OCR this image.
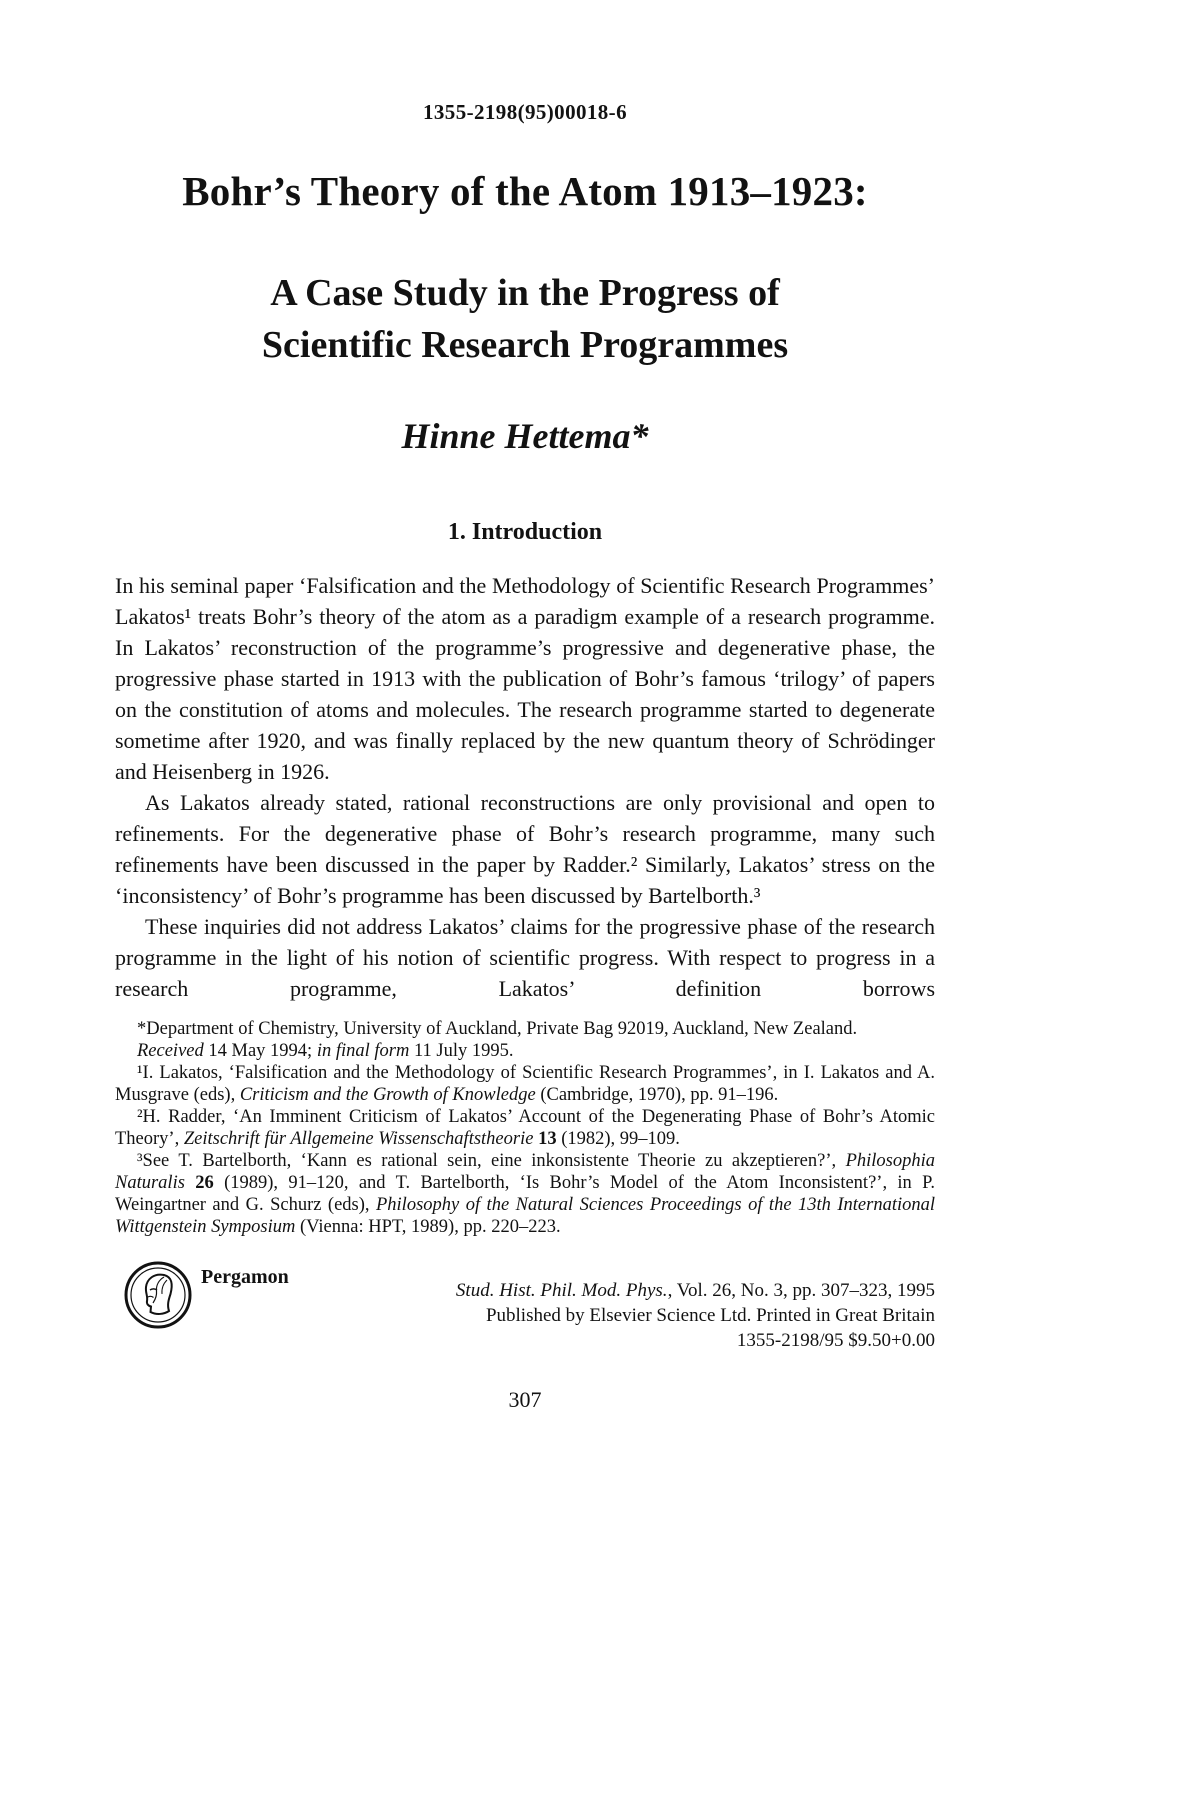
1355-2198(95)00018-6
Bohr’s Theory of the Atom 1913–1923:
A Case Study in the Progress of
Scientific Research Programmes
Hinne Hettema*
1. Introduction

In his seminal paper ‘Falsification and the Methodology of Scientific Research Programmes’ Lakatos¹ treats Bohr’s theory of the atom as a paradigm example of a research programme. In Lakatos’ reconstruction of the programme’s progressive and degenerative phase, the progressive phase started in 1913 with the publication of Bohr’s famous ‘trilogy’ of papers on the constitution of atoms and molecules. The research programme started to degenerate sometime after 1920, and was finally replaced by the new quantum theory of Schrödinger and Heisenberg in 1926.

As Lakatos already stated, rational reconstructions are only provisional and open to refinements. For the degenerative phase of Bohr’s research programme, many such refinements have been discussed in the paper by Radder.² Similarly, Lakatos’ stress on the ‘inconsistency’ of Bohr’s programme has been discussed by Bartelborth.³

These inquiries did not address Lakatos’ claims for the progressive phase of the research programme in the light of his notion of scientific progress. With respect to progress in a research programme, Lakatos’ definition borrows

*Department of Chemistry, University of Auckland, Private Bag 92019, Auckland, New Zealand.

Received 14 May 1994; in final form 11 July 1995.

¹I. Lakatos, ‘Falsification and the Methodology of Scientific Research Programmes’, in I. Lakatos and A. Musgrave (eds), Criticism and the Growth of Knowledge (Cambridge, 1970), pp. 91–196.

²H. Radder, ‘An Imminent Criticism of Lakatos’ Account of the Degenerating Phase of Bohr’s Atomic Theory’, Zeitschrift für Allgemeine Wissenschaftstheorie 13 (1982), 99–109.

³See T. Bartelborth, ‘Kann es rational sein, eine inkonsistente Theorie zu akzeptieren?’, Philosophia Naturalis 26 (1989), 91–120, and T. Bartelborth, ‘Is Bohr’s Model of the Atom Inconsistent?’, in P. Weingartner and G. Schurz (eds), Philosophy of the Natural Sciences Proceedings of the 13th International Wittgenstein Symposium (Vienna: HPT, 1989), pp. 220–223.

Pergamon
Stud. Hist. Phil. Mod. Phys., Vol. 26, No. 3, pp. 307–323, 1995
Published by Elsevier Science Ltd. Printed in Great Britain
1355-2198/95 $9.50+0.00
307
